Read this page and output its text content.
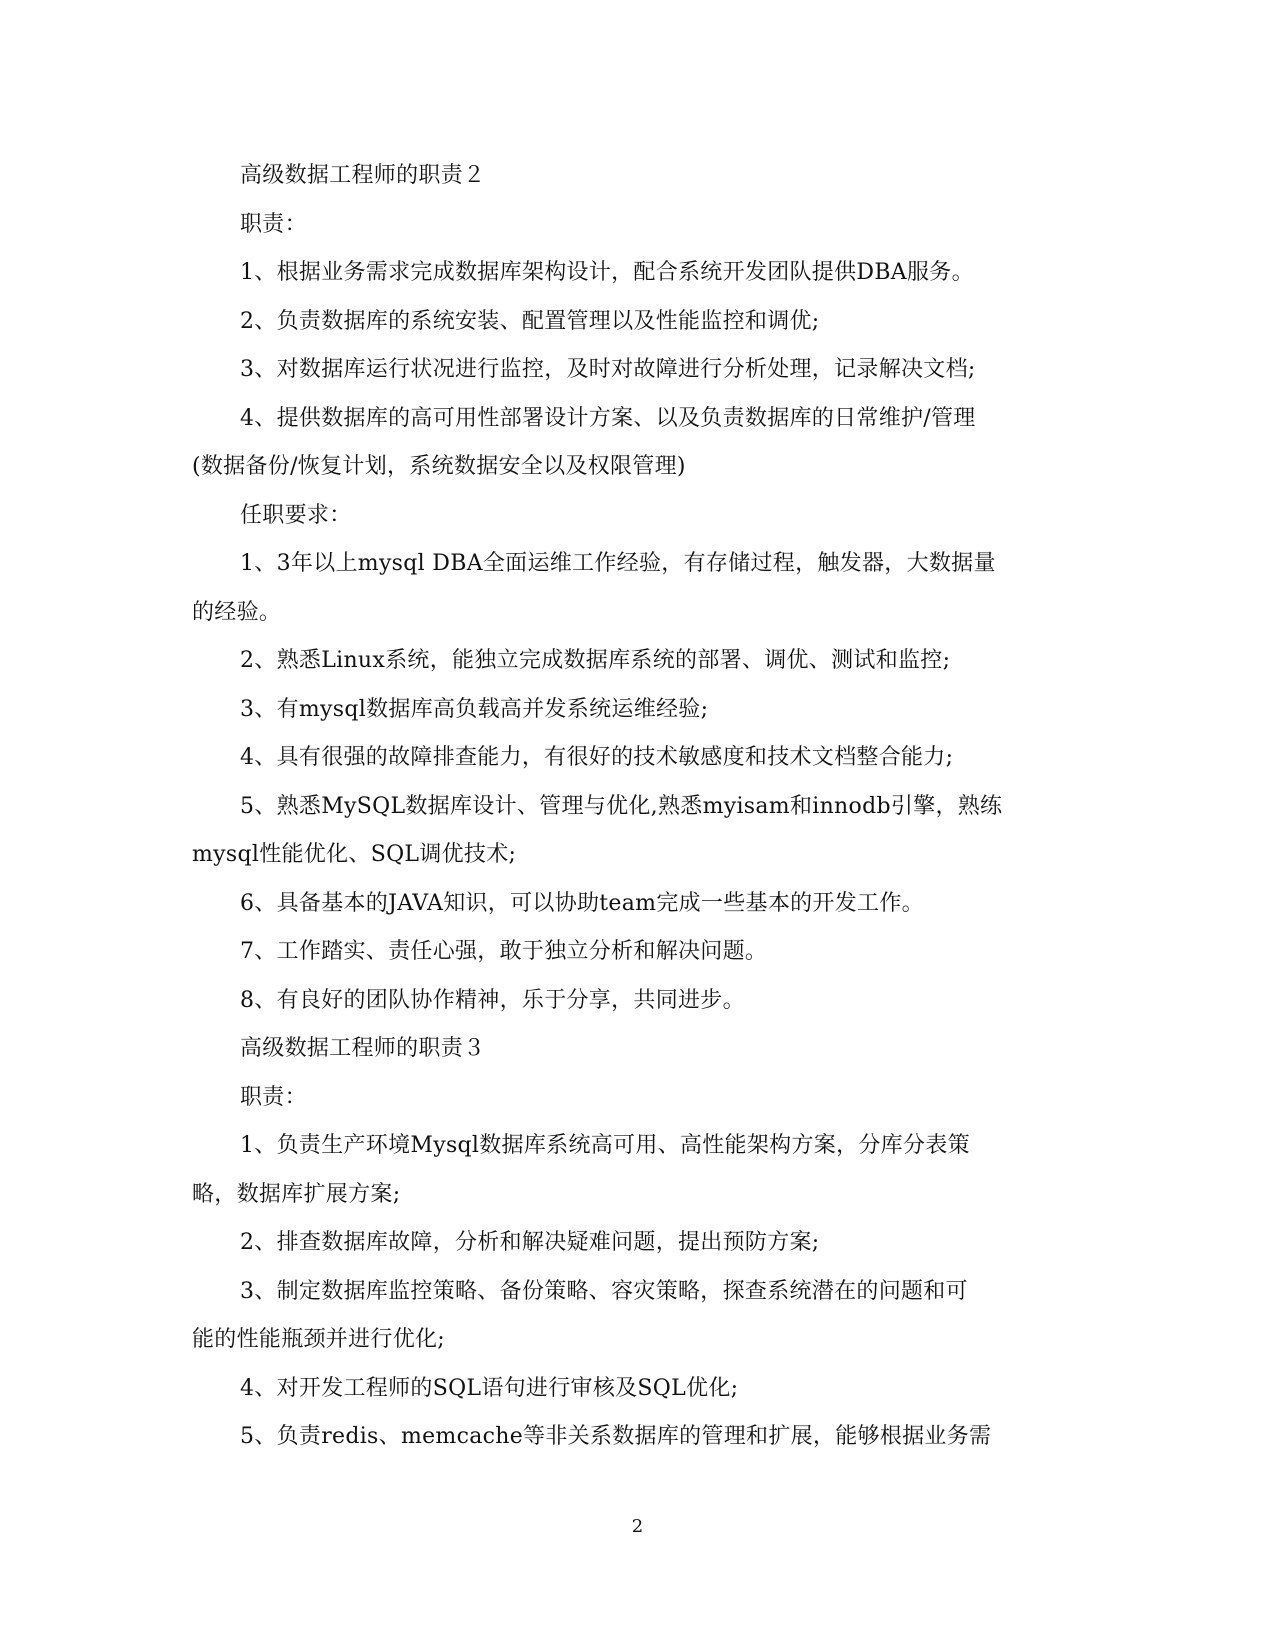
高级数据工程师的职责２
职责：
1、根据业务需求完成数据库架构设计，配合系统开发团队提供DBA服务。
2、负责数据库的系统安装、配置管理以及性能监控和调优;
3、对数据库运行状况进行监控，及时对故障进行分析处理，记录解决文档;
4、提供数据库的高可用性部署设计方案、以及负责数据库的日常维护/管理
(数据备份/恢复计划，系统数据安全以及权限管理)
任职要求：
1、3年以上mysql DBA全面运维工作经验，有存储过程，触发器，大数据量
的经验。
2、熟悉Linux系统，能独立完成数据库系统的部署、调优、测试和监控;
3、有mysql数据库高负载高并发系统运维经验;
4、具有很强的故障排查能力，有很好的技术敏感度和技术文档整合能力;
5、熟悉MySQL数据库设计、管理与优化,熟悉myisam和innodb引擎，熟练
mysql性能优化、SQL调优技术;
6、具备基本的JAVA知识，可以协助team完成一些基本的开发工作。
7、工作踏实、责任心强，敢于独立分析和解决问题。
8、有良好的团队协作精神，乐于分享，共同进步。
高级数据工程师的职责３
职责：
1、负责生产环境Mysql数据库系统高可用、高性能架构方案，分库分表策
略，数据库扩展方案;
2、排查数据库故障，分析和解决疑难问题，提出预防方案;
3、制定数据库监控策略、备份策略、容灾策略，探查系统潜在的问题和可
能的性能瓶颈并进行优化;
4、对开发工程师的SQL语句进行审核及SQL优化;
5、负责redis、memcache等非关系数据库的管理和扩展，能够根据业务需
2
